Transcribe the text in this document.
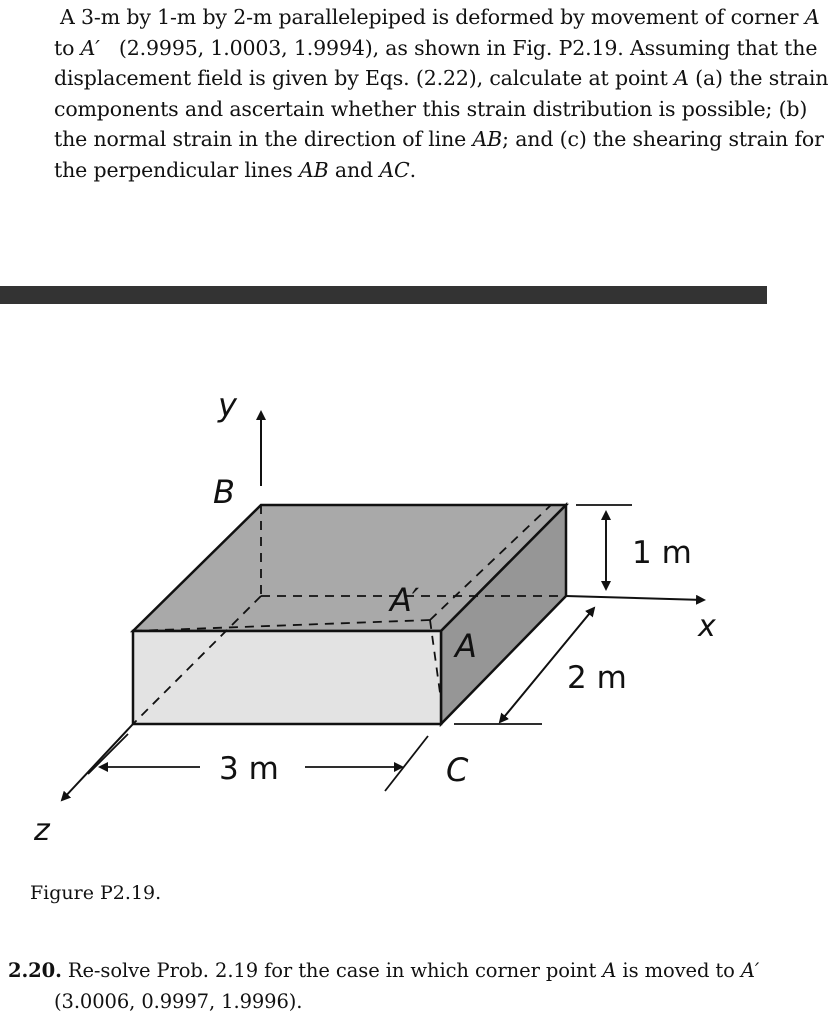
A 3-m by 1-m by 2-m parallelepiped is deformed by movement of corner A
to A′   (2.9995, 1.0003, 1.9994), as shown in Fig. P2.19. Assuming that the
displacement field is given by Eqs. (2.22), calculate at point A (a) the strain
components and ascertain whether this strain distribution is possible; (b)
the normal strain in the direction of line AB; and (c) the shearing strain for
the perpendicular lines AB and AC.
y
B
A′
A
C
x
z
1 m
2 m
3 m
Figure P2.19.
2.20. Re-solve Prob. 2.19 for the case in which corner point A is moved to A′
(3.0006, 0.9997, 1.9996).
